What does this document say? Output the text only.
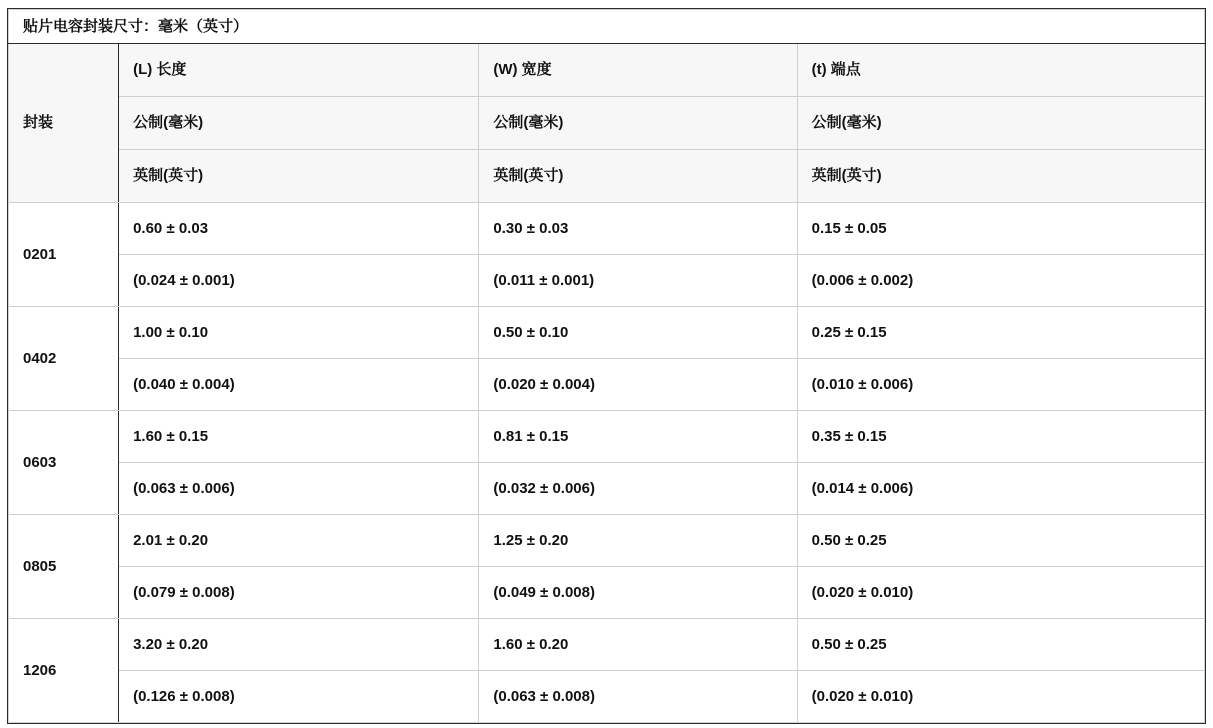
贴片电容封装尺寸：毫米（英寸）			
封装	(L) 长度	(W) 宽度	(t) 端点
	公制(毫米)	公制(毫米)	公制(毫米)
	英制(英寸)	英制(英寸)	英制(英寸)
0201	0.60 ± 0.03	0.30 ± 0.03	0.15 ± 0.05
	(0.024 ± 0.001)	(0.011 ± 0.001)	(0.006 ± 0.002)
0402	1.00 ± 0.10	0.50 ± 0.10	0.25 ± 0.15
	(0.040 ± 0.004)	(0.020 ± 0.004)	(0.010 ± 0.006)
0603	1.60 ± 0.15	0.81 ± 0.15	0.35 ± 0.15
	(0.063 ± 0.006)	(0.032 ± 0.006)	(0.014 ± 0.006)
0805	2.01 ± 0.20	1.25 ± 0.20	0.50 ± 0.25
	(0.079 ± 0.008)	(0.049 ± 0.008)	(0.020 ± 0.010)
1206	3.20 ± 0.20	1.60 ± 0.20	0.50 ± 0.25
	(0.126 ± 0.008)	(0.063 ± 0.008)	(0.020 ± 0.010)
